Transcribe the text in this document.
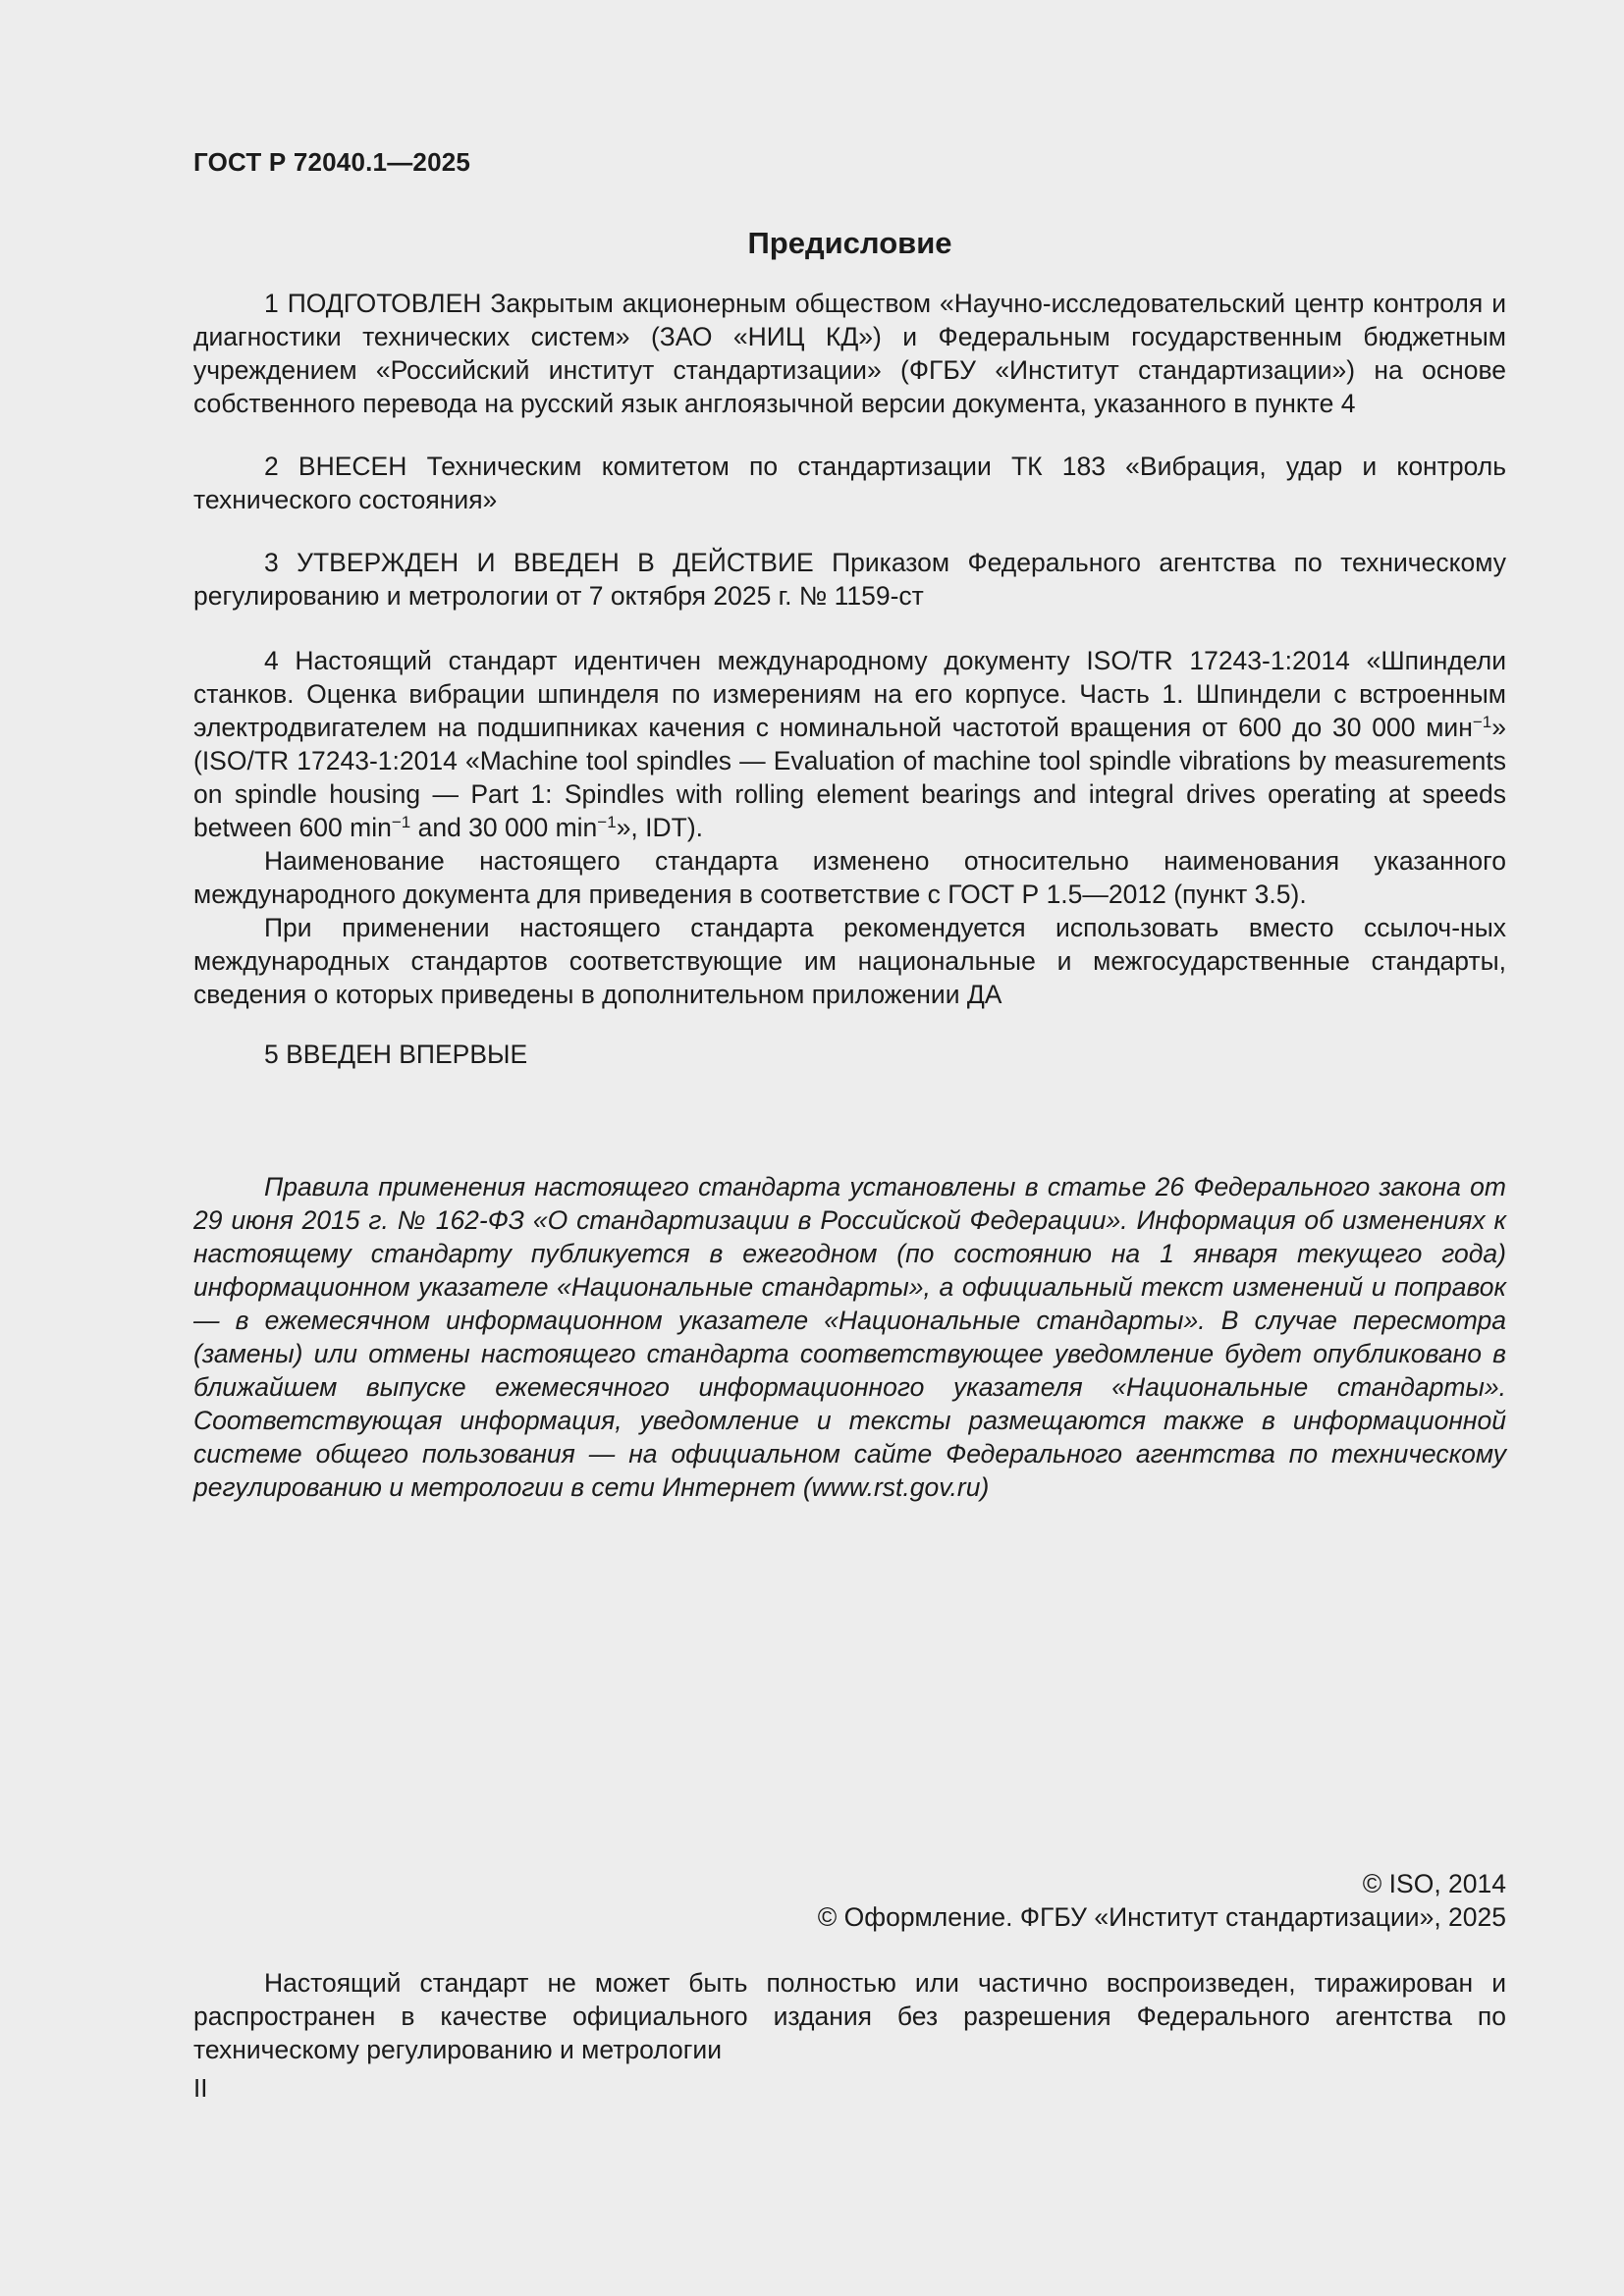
ГОСТ Р 72040.1—2025
Предисловие

1 ПОДГОТОВЛЕН Закрытым акционерным обществом «Научно-исследовательский центр контроля и диагностики технических систем» (ЗАО «НИЦ КД») и Федеральным государственным бюджетным учреждением «Российский институт стандартизации» (ФГБУ «Институт стандартизации») на основе собственного перевода на русский язык англоязычной версии документа, указанного в пункте 4

2 ВНЕСЕН Техническим комитетом по стандартизации ТК 183 «Вибрация, удар и контроль технического состояния»

3 УТВЕРЖДЕН И ВВЕДЕН В ДЕЙСТВИЕ Приказом Федерального агентства по техническому регулированию и метрологии от 7 октября 2025 г. № 1159-ст

4 Настоящий стандарт идентичен международному документу ISO/TR 17243-1:2014 «Шпиндели станков. Оценка вибрации шпинделя по измерениям на его корпусе. Часть 1. Шпиндели с встроенным электродвигателем на подшипниках качения с номинальной частотой вращения от 600 до 30 000 мин$^{-1}$» (ISO/TR 17243-1:2014 «Machine tool spindles — Evaluation of machine tool spindle vibrations by measurements on spindle housing — Part 1: Spindles with rolling element bearings and integral drives operating at speeds between 600 $\min^{-1}$ and 30 000 $\min^{-1}$», IDT).

Наименование настоящего стандарта изменено относительно наименования указанного международного документа для приведения в соответствие с ГОСТ Р 1.5—2012 (пункт 3.5).

При применении настоящего стандарта рекомендуется использовать вместо ссылоч-ных международных стандартов соответствующие им национальные и межгосударственные стандарты, сведения о которых приведены в дополнительном приложении ДА

5 ВВЕДЕН ВПЕРВЫЕ

Правила применения настоящего стандарта установлены в статье 26 Федерального закона от 29 июня 2015 г. № 162-ФЗ «О стандартизации в Российской Федерации». Информация об изменениях к настоящему стандарту публикуется в ежегодном (по состоянию на 1 января текущего года) информационном указателе «Национальные стандарты», а официальный текст изменений и поправок — в ежемесячном информационном указателе «Национальные стандарты». В случае пересмотра (замены) или отмены настоящего стандарта соответствующее уведомление будет опубликовано в ближайшем выпуске ежемесячного информационного указателя «Национальные стандарты». Соответствующая информация, уведомление и тексты размещаются также в информационной системе общего пользования — на официальном сайте Федерального агентства по техническому регулированию и метрологии в сети Интернет (www.rst.gov.ru)

© ISO, 2014
© Оформление. ФГБУ «Институт стандартизации», 2025

Настоящий стандарт не может быть полностью или частично воспроизведен, тиражирован и распространен в качестве официального издания без разрешения Федерального агентства по техническому регулированию и метрологии

II
